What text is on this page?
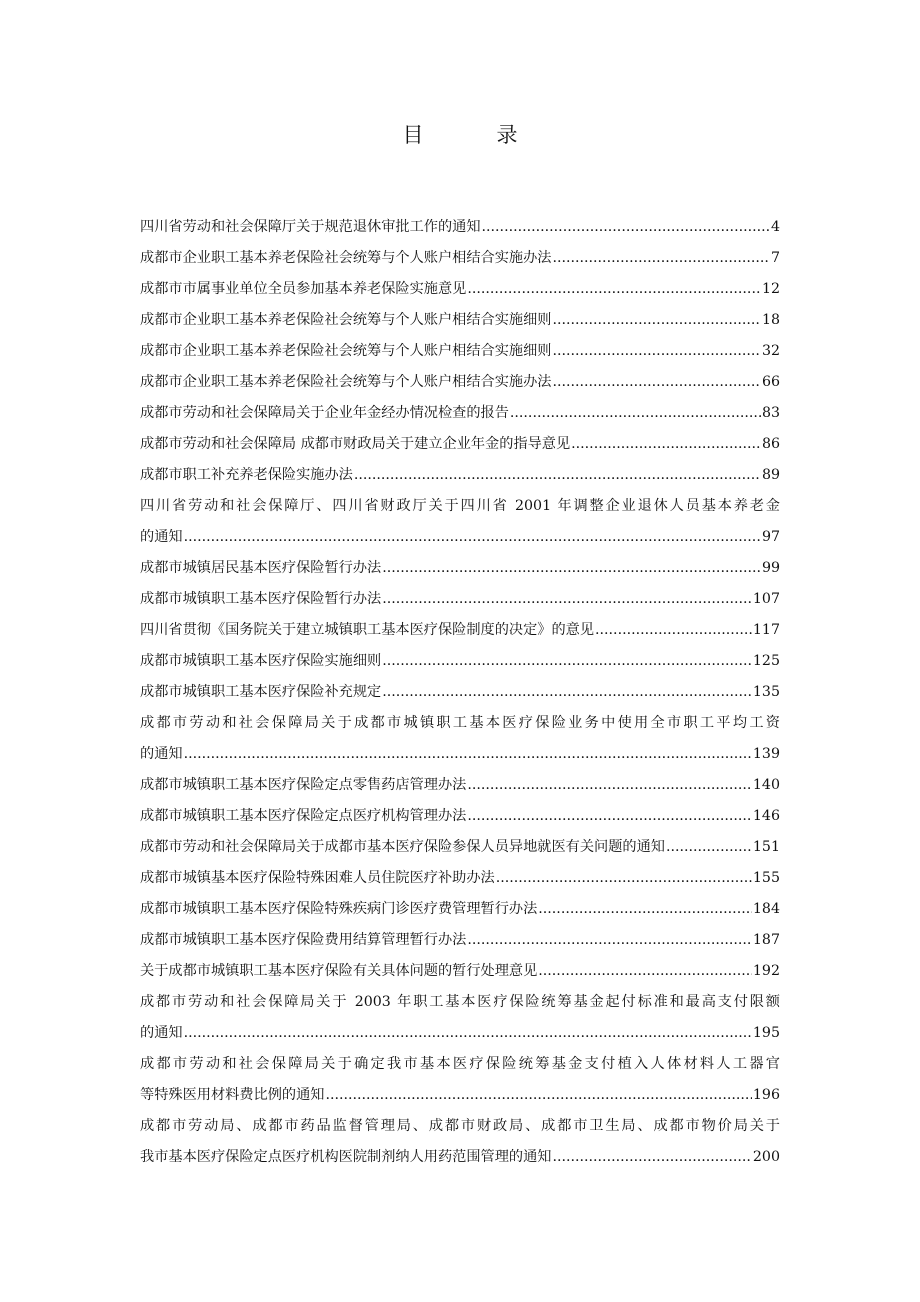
目　录
四川省劳动和社会保障厅关于规范退休审批工作的通知 .....	4
成都市企业职工基本养老保险社会统筹与个人账户相结合实施办法 .....	7
成都市市属事业单位全员参加基本养老保险实施意见 .....	12
成都市企业职工基本养老保险社会统筹与个人账户相结合实施细则 .....	18
成都市企业职工基本养老保险社会统筹与个人账户相结合实施细则 .....	32
成都市企业职工基本养老保险社会统筹与个人账户相结合实施办法 .....	66
成都市劳动和社会保障局关于企业年金经办情况检查的报告 .....	83
成都市劳动和社会保障局 成都市财政局关于建立企业年金的指导意见 .....	86
成都市职工补充养老保险实施办法 .....	89
四川省劳动和社会保障厅、四川省财政厅关于四川省 2001 年调整企业退休人员基本养老金
的通知 .....	97
成都市城镇居民基本医疗保险暂行办法 .....	99
成都市城镇职工基本医疗保险暂行办法 .....	107
四川省贯彻《国务院关于建立城镇职工基本医疗保险制度的决定》的意见 .....	117
成都市城镇职工基本医疗保险实施细则 .....	125
成都市城镇职工基本医疗保险补充规定 .....	135
成都市劳动和社会保障局关于成都市城镇职工基本医疗保险业务中使用全市职工平均工资
的通知 .....	139
成都市城镇职工基本医疗保险定点零售药店管理办法 .....	140
成都市城镇职工基本医疗保险定点医疗机构管理办法 .....	146
成都市劳动和社会保障局关于成都市基本医疗保险参保人员异地就医有关问题的通知 .....	151
成都市城镇基本医疗保险特殊困难人员住院医疗补助办法 .....	155
成都市城镇职工基本医疗保险特殊疾病门诊医疗费管理暂行办法 .....	184
成都市城镇职工基本医疗保险费用结算管理暂行办法 .....	187
关于成都市城镇职工基本医疗保险有关具体问题的暂行处理意见 .....	192
成都市劳动和社会保障局关于 2003 年职工基本医疗保险统筹基金起付标准和最高支付限额
的通知 .....	195
成都市劳动和社会保障局关于确定我市基本医疗保险统筹基金支付植入人体材料人工器官
等特殊医用材料费比例的通知 .....	196
成都市劳动局、成都市药品监督管理局、成都市财政局、成都市卫生局、成都市物价局关于
我市基本医疗保险定点医疗机构医院制剂纳人用药范围管理的通知 .....	200
